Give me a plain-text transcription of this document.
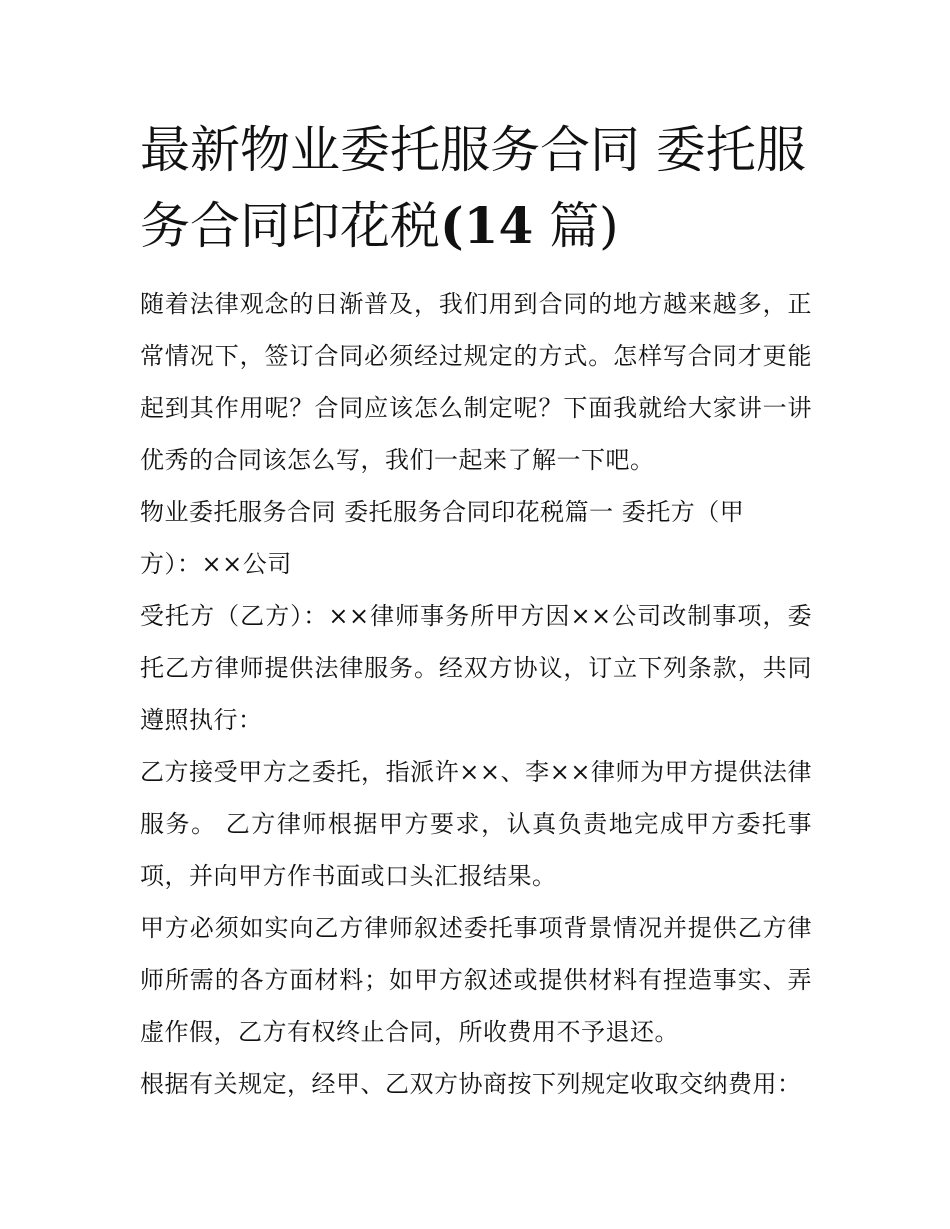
最新物业委托服务合同 委托服务合同印花税(14 篇)

随着法律观念的日渐普及，我们用到合同的地方越来越多，正常情况下，签订合同必须经过规定的方式。怎样写合同才更能起到其作用呢？合同应该怎么制定呢？下面我就给大家讲一讲优秀的合同该怎么写，我们一起来了解一下吧。

物业委托服务合同 委托服务合同印花税篇一 委托方（甲

方）：××公司

受托方（乙方）：××律师事务所甲方因××公司改制事项，委托乙方律师提供法律服务。经双方协议，订立下列条款，共同遵照执行：

乙方接受甲方之委托，指派许××、李××律师为甲方提供法律服务。 乙方律师根据甲方要求，认真负责地完成甲方委托事项，并向甲方作书面或口头汇报结果。

甲方必须如实向乙方律师叙述委托事项背景情况并提供乙方律师所需的各方面材料；如甲方叙述或提供材料有捏造事实、弄虚作假，乙方有权终止合同，所收费用不予退还。

根据有关规定，经甲、乙双方协商按下列规定收取交纳费用：
